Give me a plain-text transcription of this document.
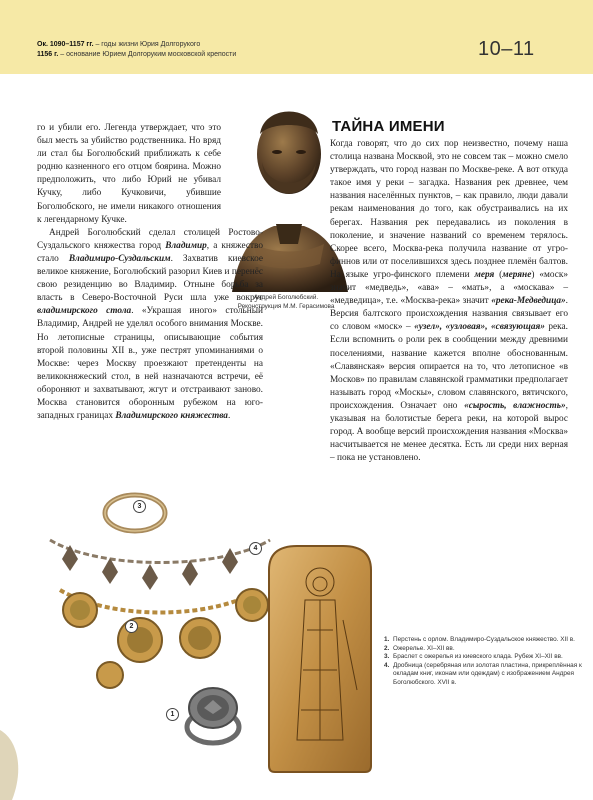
Ок. 1090–1157 гг. – годы жизни Юрия Долгорукого
1156 г. – основание Юрием Долгоруким московской крепости	10–11
Андрей Боголюбский.
Реконструкция М.М. Герасимова

го и убили его. Легенда утверждает, что это был месть за убийство родственника. Но вряд ли стал бы Боголюбский приближать к себе родню казненного его отцом боярина. Можно предположить, что либо Юрий не убивал Кучку, либо Кучковичи, убившие Боголюбского, не имели никакого отношения к легендарному Кучке.

Андрей Боголюбский сделал столицей Ростово-Суздальского княжества город Владимир, а княжество стало Владимиро-Суздальским. Захватив киевское великое княжение, Боголюбский разорил Киев и перенёс свою резиденцию во Владимир. Отныне борьба за власть в Северо-Восточной Руси шла уже вокруг владимирского стола. «Украшая иного» стольный Владимир, Андрей не уделял особого внимания Москве. Но летописные страницы, описывающие события второй половины XII в., уже пестрят упоминаниями о Москве: через Москву проезжают претенденты на великокняжеский стол, в ней назначаются встречи, её обороняют и захватывают, жгут и отстраивают заново. Москва становится оборонным рубежом на юго-западных границах Владимирского княжества.

ТАЙНА ИМЕНИ

Когда говорят, что до сих пор неизвестно, почему наша столица названа Москвой, это не совсем так – можно смело утверждать, что город назван по Москве-реке. А вот откуда такое имя у реки – загадка. Названия рек древнее, чем названия населённых пунктов, – как правило, люди давали рекам наименования до того, как обустраивались на их берегах. Названия рек передавались из поколения в поколение, и значение названий со временем терялось. Скорее всего, Москва-река получила название от угро-финнов или от поселившихся здесь позднее племён балтов. На языке угро-финского племени меря (меряне) «моск» значит «медведь», «ава» – «мать», а «москава» – «медведица», т.е. «Москва-река» значит «река-Медведица». Версия балтского происхождения названия связывает его со словом «моск» – «узел», «узловая», «связующая» река. Если вспомнить о роли рек в сообщении между древними поселениями, название кажется вполне обоснованным. «Славянская» версия опирается на то, что летописное «в Москов» по правилам славянской грамматики предполагает называть город «Москы», словом славянского, вятичского, происхождения. Означает оно «сырость, влажность», указывая на болотистые берега реки, на которой вырос город. А вообще версий происхождения названия «Москва» насчитывается не менее десятка. Есть ли среди них верная – пока не установлено.

3
2
1
4
1. Перстень с орлом. Владимиро-Суздальское княжество. XII в.
2. Ожерелье. XI–XII вв.
3. Браслет с ожерелья из киевского клада. Рубеж XI–XII вв.
4. Дробница (серебряная или золотая пластина, прикреплённая к окладам книг, иконам или одеждам) с изображением Андрея Боголюбского. XVII в.
